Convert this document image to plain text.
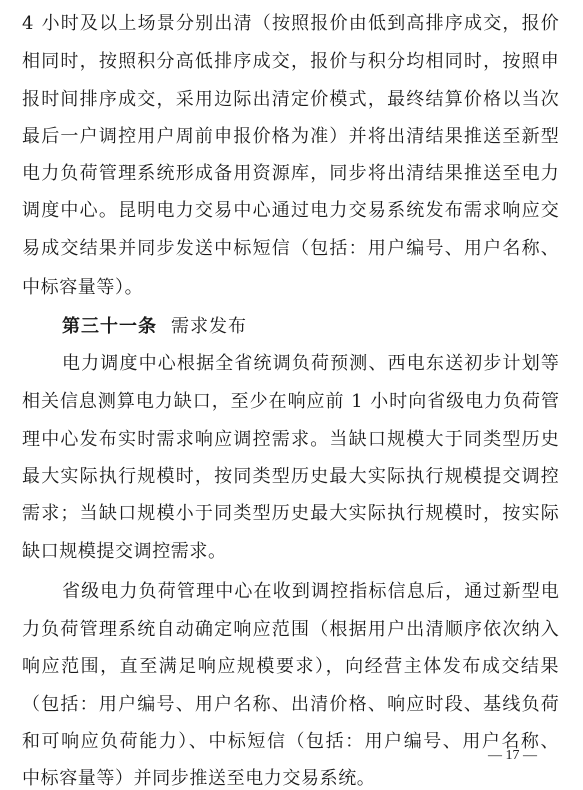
4 小时及以上场景分别出清（按照报价由低到高排序成交，报价
相同时，按照积分高低排序成交，报价与积分均相同时，按照申
报时间排序成交，采用边际出清定价模式，最终结算价格以当次
最后一户调控用户周前申报价格为准）并将出清结果推送至新型
电力负荷管理系统形成备用资源库，同步将出清结果推送至电力
调度中心。昆明电力交易中心通过电力交易系统发布需求响应交
易成交结果并同步发送中标短信（包括：用户编号、用户名称、
中标容量等）。
第三十一条 需求发布
电力调度中心根据全省统调负荷预测、西电东送初步计划等
相关信息测算电力缺口，至少在响应前 1 小时向省级电力负荷管
理中心发布实时需求响应调控需求。当缺口规模大于同类型历史
最大实际执行规模时，按同类型历史最大实际执行规模提交调控
需求；当缺口规模小于同类型历史最大实际执行规模时，按实际
缺口规模提交调控需求。
省级电力负荷管理中心在收到调控指标信息后，通过新型电
力负荷管理系统自动确定响应范围（根据用户出清顺序依次纳入
响应范围，直至满足响应规模要求），向经营主体发布成交结果
（包括：用户编号、用户名称、出清价格、响应时段、基线负荷
和可响应负荷能力）、中标短信（包括：用户编号、用户名称、
中标容量等）并同步推送至电力交易系统。
— 17 —
